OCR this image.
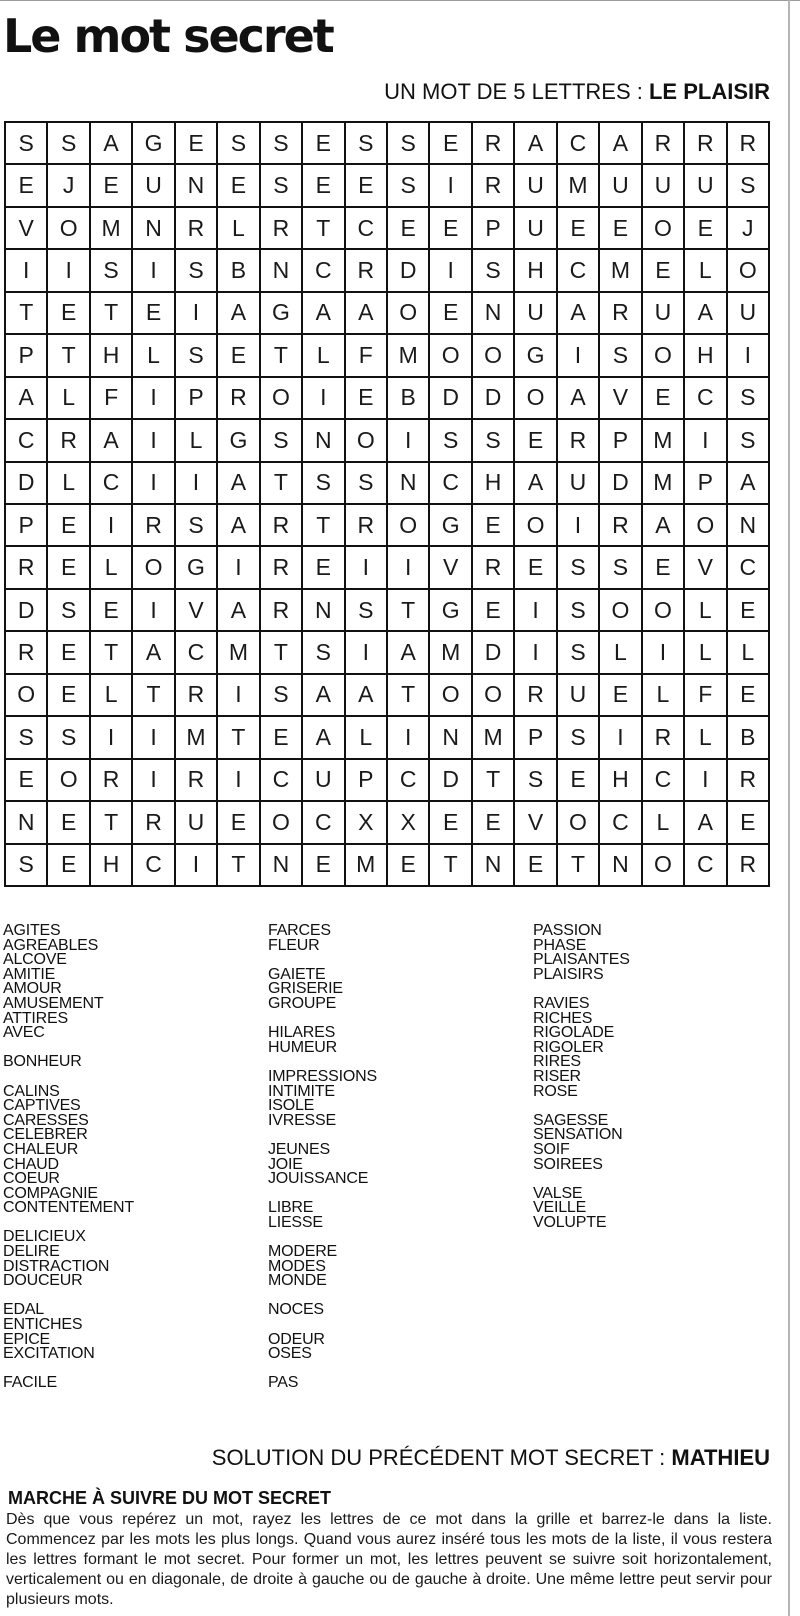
Le mot secret
UN MOT DE 5 LETTRES : LE PLAISIR
S	S	A	G	E	S	S	E	S	S	E	R	A	C	A	R	R	R
E	J	E	U	N	E	S	E	E	S	I	R	U	M	U	U	U	S
V	O	M	N	R	L	R	T	C	E	E	P	U	E	E	O	E	J
I	I	S	I	S	B	N	C	R	D	I	S	H	C	M	E	L	O
T	E	T	E	I	A	G	A	A	O	E	N	U	A	R	U	A	U
P	T	H	L	S	E	T	L	F	M	O	O	G	I	S	O	H	I
A	L	F	I	P	R	O	I	E	B	D	D	O	A	V	E	C	S
C	R	A	I	L	G	S	N	O	I	S	S	E	R	P	M	I	S
D	L	C	I	I	A	T	S	S	N	C	H	A	U	D	M	P	A
P	E	I	R	S	A	R	T	R	O	G	E	O	I	R	A	O	N
R	E	L	O	G	I	R	E	I	I	V	R	E	S	S	E	V	C
D	S	E	I	V	A	R	N	S	T	G	E	I	S	O	O	L	E
R	E	T	A	C	M	T	S	I	A	M	D	I	S	L	I	L	L
O	E	L	T	R	I	S	A	A	T	O	O	R	U	E	L	F	E
S	S	I	I	M	T	E	A	L	I	N	M	P	S	I	R	L	B
E	O	R	I	R	I	C	U	P	C	D	T	S	E	H	C	I	R
N	E	T	R	U	E	O	C	X	X	E	E	V	O	C	L	A	E
S	E	H	C	I	T	N	E	M	E	T	N	E	T	N	O	C	R
AGITES
AGREABLES
ALCOVE
AMITIE
AMOUR
AMUSEMENT
ATTIRES
AVEC
BONHEUR
CALINS
CAPTIVES
CARESSES
CELEBRER
CHALEUR
CHAUD
COEUR
COMPAGNIE
CONTENTEMENT
DELICIEUX
DELIRE
DISTRACTION
DOUCEUR
EDAL
ENTICHES
EPICE
EXCITATION
FACILE
FARCES
FLEUR
GAIETE
GRISERIE
GROUPE
HILARES
HUMEUR
IMPRESSIONS
INTIMITE
ISOLE
IVRESSE
JEUNES
JOIE
JOUISSANCE
LIBRE
LIESSE
MODERE
MODES
MONDE
NOCES
ODEUR
OSES
PAS
PASSION
PHASE
PLAISANTES
PLAISIRS
RAVIES
RICHES
RIGOLADE
RIGOLER
RIRES
RISER
ROSE
SAGESSE
SENSATION
SOIF
SOIREES
VALSE
VEILLE
VOLUPTE
SOLUTION DU PRÉCÉDENT MOT SECRET : MATHIEU
MARCHE À SUIVRE DU MOT SECRET

Dès que vous repérez un mot, rayez les lettres de ce mot dans la grille et barrez-le dans la liste. Commencez par les mots les plus longs. Quand vous aurez inséré tous les mots de la liste, il vous restera les lettres formant le mot secret. Pour former un mot, les lettres peuvent se suivre soit horizontalement, verticalement ou en diagonale, de droite à gauche ou de gauche à droite. Une même lettre peut servir pour plusieurs mots.
